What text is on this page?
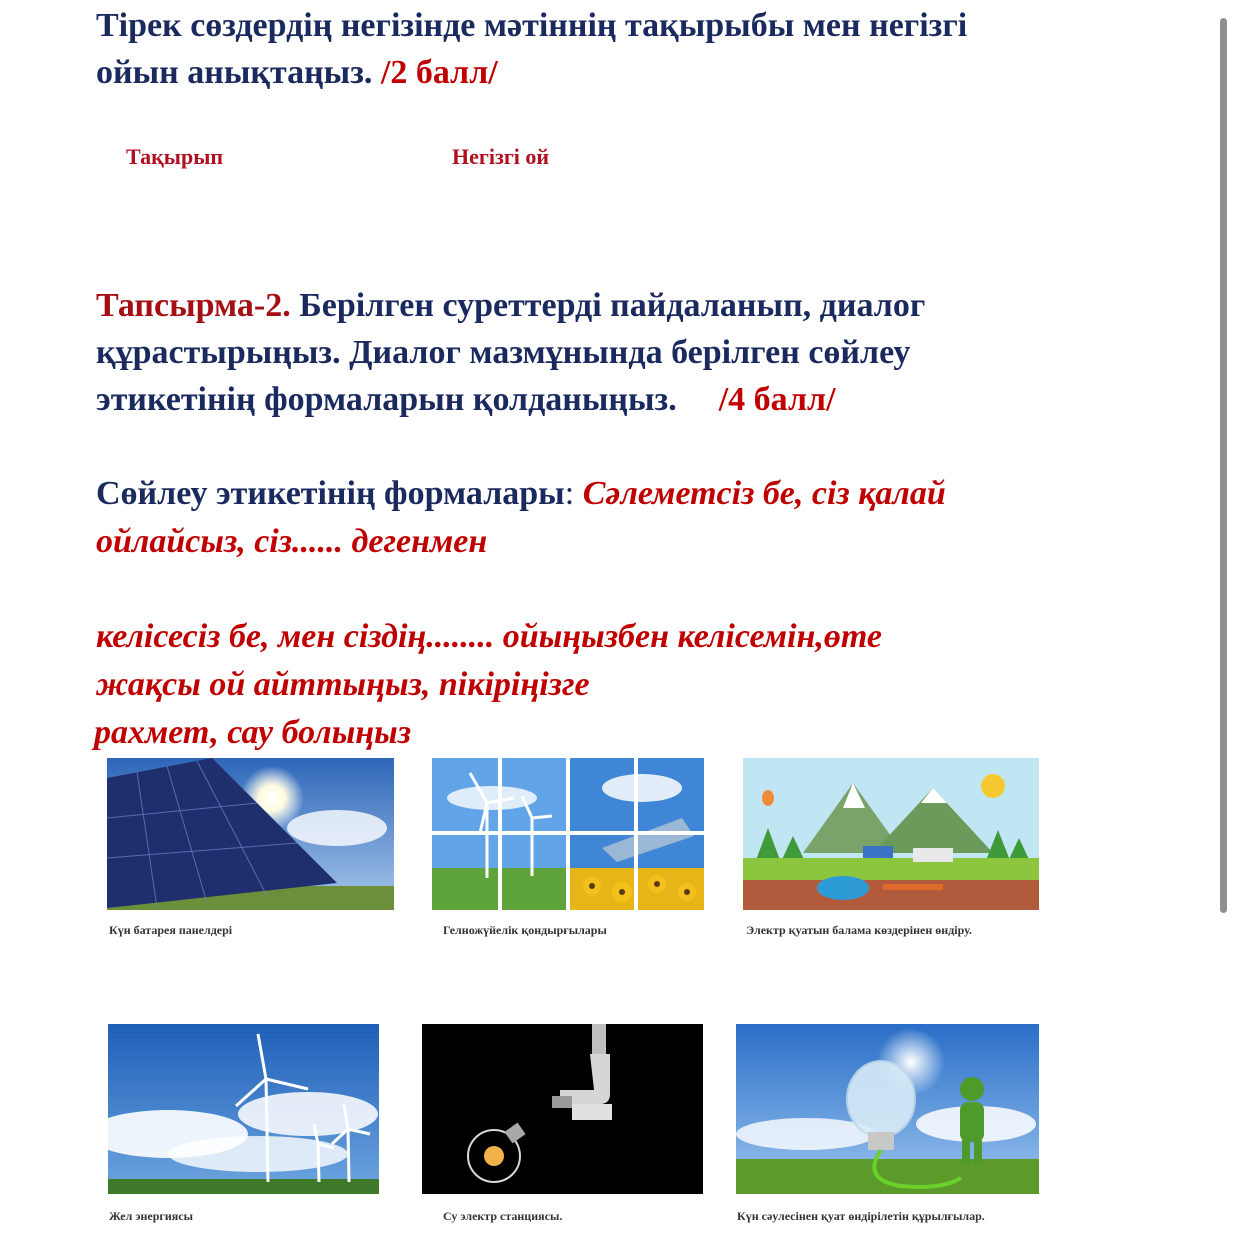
Тірек сөздердің негізінде мәтіннің тақырыбы мен негізгі

ойын анықтаңыз. /2 балл/

Тақырып	Негізгі ой

Тапсырма-2. Берілген суреттерді пайдаланып, диалог

құрастырыңыз. Диалог мазмұнында берілген сөйлеу

этикетінің формаларын қолданыңыз. /4 балл/

Сөйлеу этикетінің формалары: Сәлеметсіз бе, сіз қалай

ойлайсыз, сіз...... дегенмен

келісесіз бе, мен сіздің........ ойыңызбен келісемін,өте

жақсы ой айттыңыз, пікіріңізге

рахмет, сау болыңыз

Күн батарея панелдері	Гелножүйелік қондырғылары	Электр қуатын балама көздерінен өндіру.

Жел энергиясы	Су электр станциясы.	Күн сәулесінен қуат өндірілетін құрылғылар.
